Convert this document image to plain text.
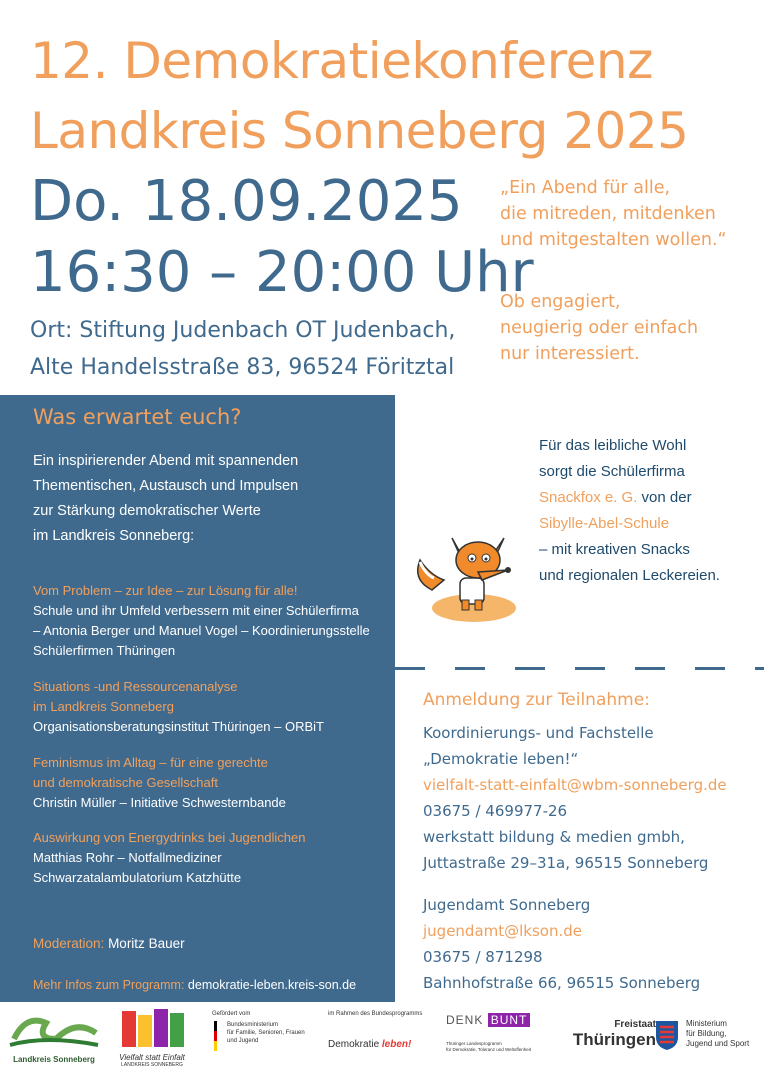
12. Demokratiekonferenz
Landkreis Sonneberg 2025
Do. 18.09.2025
16:30 – 20:00 Uhr
Ort: Stiftung Judenbach OT Judenbach,
Alte Handelsstraße 83, 96524 Föritztal
„Ein Abend für alle,
die mitreden, mitdenken
und mitgestalten wollen.“
Ob engagiert,
neugierig oder einfach
nur interessiert.
Was erwartet euch?
Ein inspirierender Abend mit spannenden
Thementischen, Austausch und Impulsen
zur Stärkung demokratischer Werte
im Landkreis Sonneberg:
Vom Problem – zur Idee – zur Lösung für alle!
Schule und ihr Umfeld verbessern mit einer Schülerfirma
– Antonia Berger und Manuel Vogel – Koordinierungsstelle
Schülerfirmen Thüringen
Situations -und Ressourcenanalyse
im Landkreis Sonneberg
Organisationsberatungsinstitut Thüringen – ORBiT
Feminismus im Alltag – für eine gerechte
und demokratische Gesellschaft
Christin Müller – Initiative Schwesternbande
Auswirkung von Energydrinks bei Jugendlichen
Matthias Rohr – Notfallmediziner
Schwarzatalambulatorium Katzhütte
Moderation: Moritz Bauer
Mehr Infos zum Programm: demokratie-leben.kreis-son.de
Für das leibliche Wohl
sorgt die Schülerfirma
Snackfox e. G. von der
Sibylle-Abel-Schule
– mit kreativen Snacks
und regionalen Leckereien.
Anmeldung zur Teilnahme:
Koordinierungs- und Fachstelle
„Demokratie leben!“
vielfalt-statt-einfalt@wbm-sonneberg.de
03675 / 469977-26
werkstatt bildung & medien gmbh,
Juttastraße 29–31a, 96515 Sonneberg
Jugendamt Sonneberg
jugendamt@lkson.de
03675 / 871298
Bahnhofstraße 66, 96515 Sonneberg
Landkreis Sonneberg	Vielfalt statt Einfalt
LANDKREIS SONNEBERG
Gefördert vom
Bundesministerium
für Familie, Senioren, Frauen
und Jugend
im Rahmen des Bundesprogramms
Demokratie leben!
DENK BUNT
Thüringer Landesprogramm
für Demokratie, Toleranz und Weltoffenheit
Freistaat
Thüringen
Ministerium
für Bildung,
Jugend und Sport
